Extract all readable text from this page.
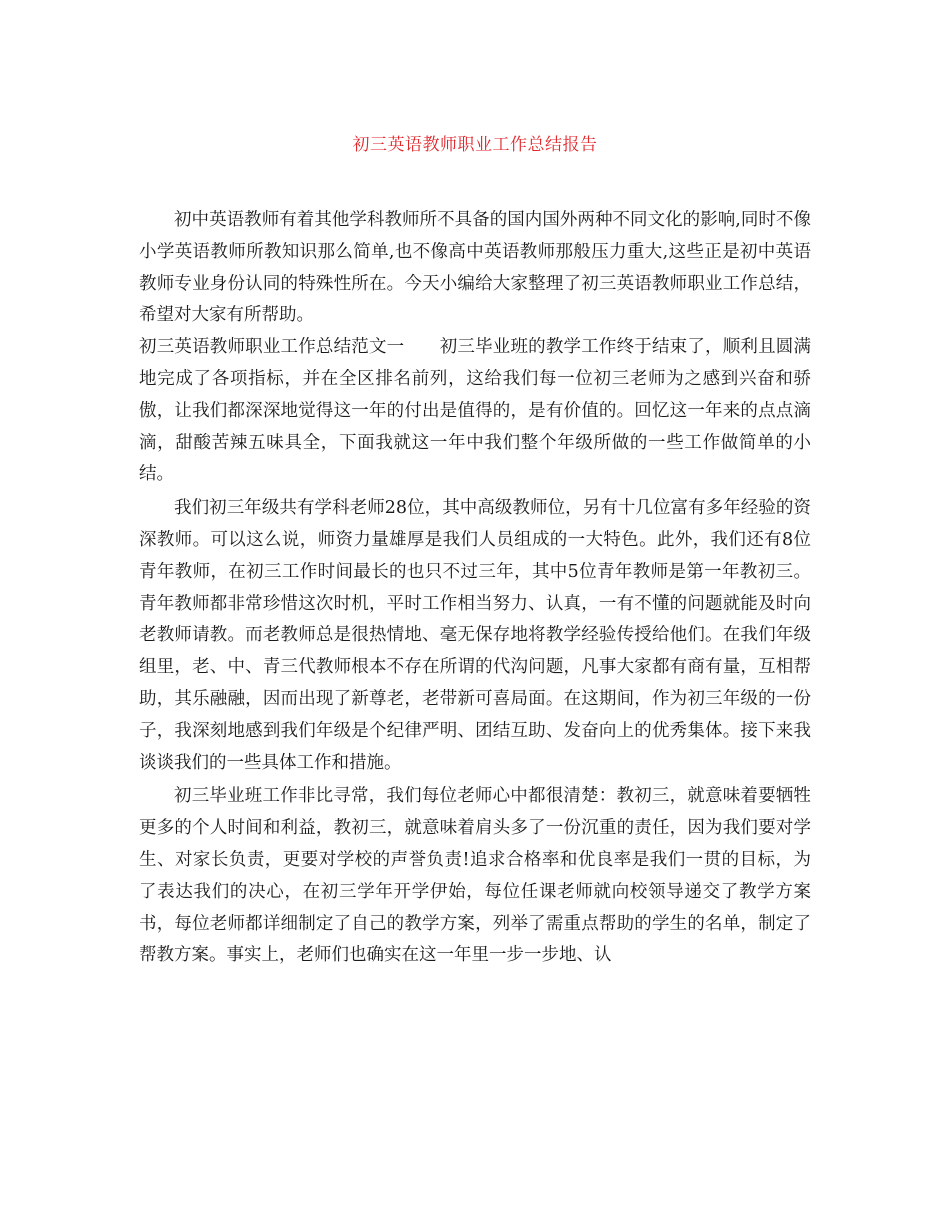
初三英语教师职业工作总结报告

初中英语教师有着其他学科教师所不具备的国内国外两种不同文化的影响,同时不像小学英语教师所教知识那么简单,也不像高中英语教师那般压力重大,这些正是初中英语教师专业身份认同的特殊性所在。今天小编给大家整理了初三英语教师职业工作总结，希望对大家有所帮助。

初三英语教师职业工作总结范文一　　初三毕业班的教学工作终于结束了，顺利且圆满地完成了各项指标，并在全区排名前列，这给我们每一位初三老师为之感到兴奋和骄傲，让我们都深深地觉得这一年的付出是值得的，是有价值的。回忆这一年来的点点滴滴，甜酸苦辣五味具全，下面我就这一年中我们整个年级所做的一些工作做简单的小结。

我们初三年级共有学科老师28位，其中高级教师位，另有十几位富有多年经验的资深教师。可以这么说，师资力量雄厚是我们人员组成的一大特色。此外，我们还有8位青年教师，在初三工作时间最长的也只不过三年，其中5位青年教师是第一年教初三。青年教师都非常珍惜这次时机，平时工作相当努力、认真，一有不懂的问题就能及时向老教师请教。而老教师总是很热情地、毫无保存地将教学经验传授给他们。在我们年级组里，老、中、青三代教师根本不存在所谓的代沟问题，凡事大家都有商有量，互相帮助，其乐融融，因而出现了新尊老，老带新可喜局面。在这期间，作为初三年级的一份子，我深刻地感到我们年级是个纪律严明、团结互助、发奋向上的优秀集体。接下来我谈谈我们的一些具体工作和措施。

初三毕业班工作非比寻常，我们每位老师心中都很清楚：教初三，就意味着要牺牲更多的个人时间和利益，教初三，就意味着肩头多了一份沉重的责任，因为我们要对学生、对家长负责，更要对学校的声誉负责!追求合格率和优良率是我们一贯的目标，为了表达我们的决心，在初三学年开学伊始，每位任课老师就向校领导递交了教学方案书，每位老师都详细制定了自己的教学方案，列举了需重点帮助的学生的名单，制定了帮教方案。事实上，老师们也确实在这一年里一步一步地、认
